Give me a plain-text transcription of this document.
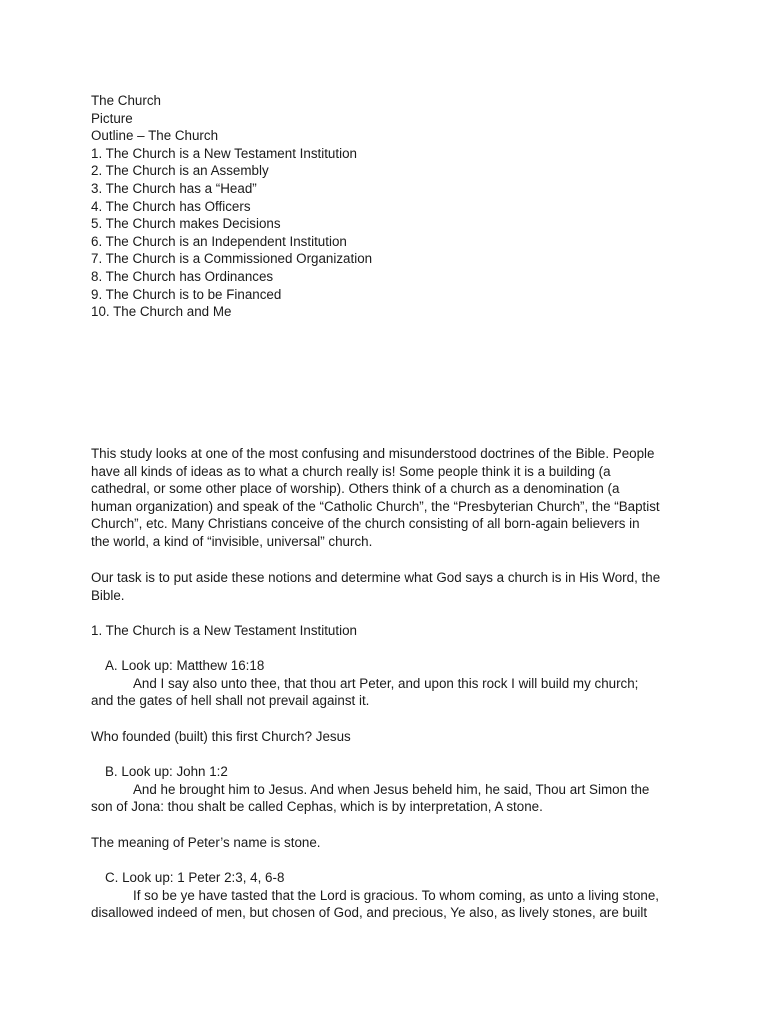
The Church
Picture
Outline – The Church
1. The Church is a New Testament Institution
2. The Church is an Assembly
3. The Church has a “Head”
4. The Church has Officers
5. The Church makes Decisions
6. The Church is an Independent Institution
7. The Church is a Commissioned Organization
8. The Church has Ordinances
9. The Church is to be Financed
10. The Church and Me
This study looks at one of the most confusing and misunderstood doctrines of the Bible. People
have all kinds of ideas as to what a church really is! Some people think it is a building (a
cathedral, or some other place of worship). Others think of a church as a denomination (a
human organization) and speak of the “Catholic Church”, the “Presbyterian Church”, the “Baptist
Church”, etc. Many Christians conceive of the church consisting of all born-again believers in
the world, a kind of “invisible, universal” church.
Our task is to put aside these notions and determine what God says a church is in His Word, the
Bible.
1. The Church is a New Testament Institution
A. Look up: Matthew 16:18
And I say also unto thee, that thou art Peter, and upon this rock I will build my church;
and the gates of hell shall not prevail against it.
Who founded (built) this first Church? Jesus
B. Look up: John 1:2
And he brought him to Jesus. And when Jesus beheld him, he said, Thou art Simon the
son of Jona: thou shalt be called Cephas, which is by interpretation, A stone.
The meaning of Peter’s name is stone.
C. Look up: 1 Peter 2:3, 4, 6-8
If so be ye have tasted that the Lord is gracious. To whom coming, as unto a living stone,
disallowed indeed of men, but chosen of God, and precious, Ye also, as lively stones, are built
